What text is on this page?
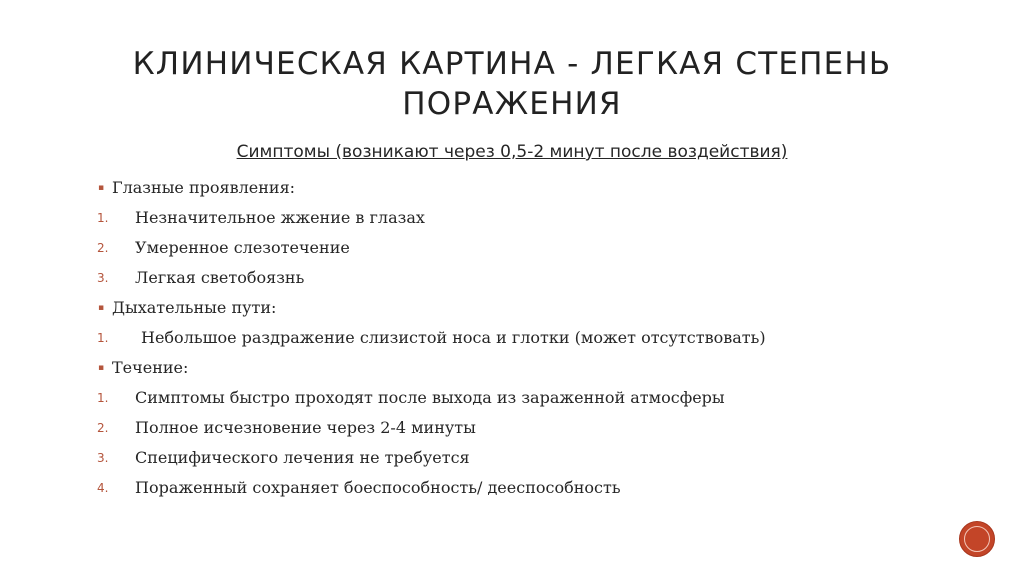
КЛИНИЧЕСКАЯ КАРТИНА - ЛЕГКАЯ СТЕПЕНЬ
ПОРАЖЕНИЯ
Симптомы (возникают через 0,5-2 минут после воздействия)
▪ Глазные проявления:
1. Незначительное жжение в глазах
2. Умеренное слезотечение
3. Легкая светобоязнь
▪ Дыхательные пути:
1. Небольшое раздражение слизистой носа и глотки (может отсутствовать)
▪ Течение:
1. Симптомы быстро проходят после выхода из зараженной атмосферы
2. Полное исчезновение через 2-4 минуты
3. Специфического лечения не требуется
4. Пораженный сохраняет боеспособность/ дееспособность
